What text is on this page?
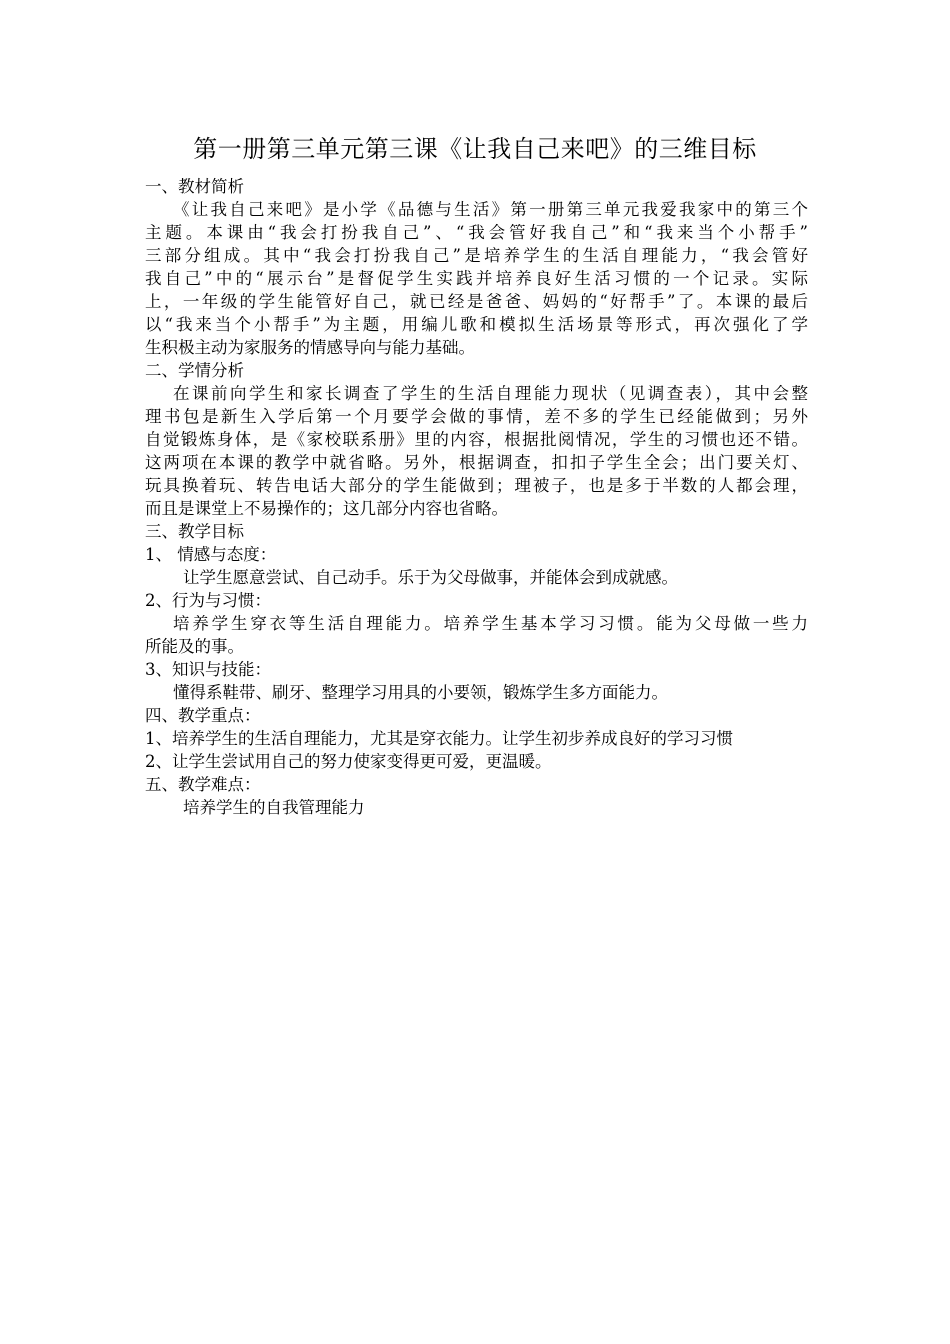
第一册第三单元第三课《让我自己来吧》的三维目标
一、教材简析
《让我自己来吧》是小学《品德与生活》第一册第三单元我爱我家中的第三个
主题。本课由“我会打扮我自己”、“我会管好我自己”和“我来当个小帮手”
三部分组成。其中“我会打扮我自己”是培养学生的生活自理能力，“我会管好
我自己”中的“展示台”是督促学生实践并培养良好生活习惯的一个记录。实际
上，一年级的学生能管好自己，就已经是爸爸、妈妈的“好帮手”了。本课的最后
以“我来当个小帮手”为主题，用编儿歌和模拟生活场景等形式，再次强化了学
生积极主动为家服务的情感导向与能力基础。
二、学情分析
在课前向学生和家长调查了学生的生活自理能力现状（见调查表），其中会整
理书包是新生入学后第一个月要学会做的事情，差不多的学生已经能做到；另外
自觉锻炼身体，是《家校联系册》里的内容，根据批阅情况，学生的习惯也还不错。
这两项在本课的教学中就省略。另外，根据调查，扣扣子学生全会；出门要关灯、
玩具换着玩、转告电话大部分的学生能做到；理被子，也是多于半数的人都会理，
而且是课堂上不易操作的；这几部分内容也省略。
三、教学目标
1、 情感与态度：
让学生愿意尝试、自己动手。乐于为父母做事，并能体会到成就感。
2、行为与习惯：
培养学生穿衣等生活自理能力。培养学生基本学习习惯。能为父母做一些力
所能及的事。
3、知识与技能：
懂得系鞋带、刷牙、整理学习用具的小要领，锻炼学生多方面能力。
四、教学重点：
1、培养学生的生活自理能力，尤其是穿衣能力。让学生初步养成良好的学习习惯
2、让学生尝试用自己的努力使家变得更可爱，更温暖。
五、教学难点：
培养学生的自我管理能力
